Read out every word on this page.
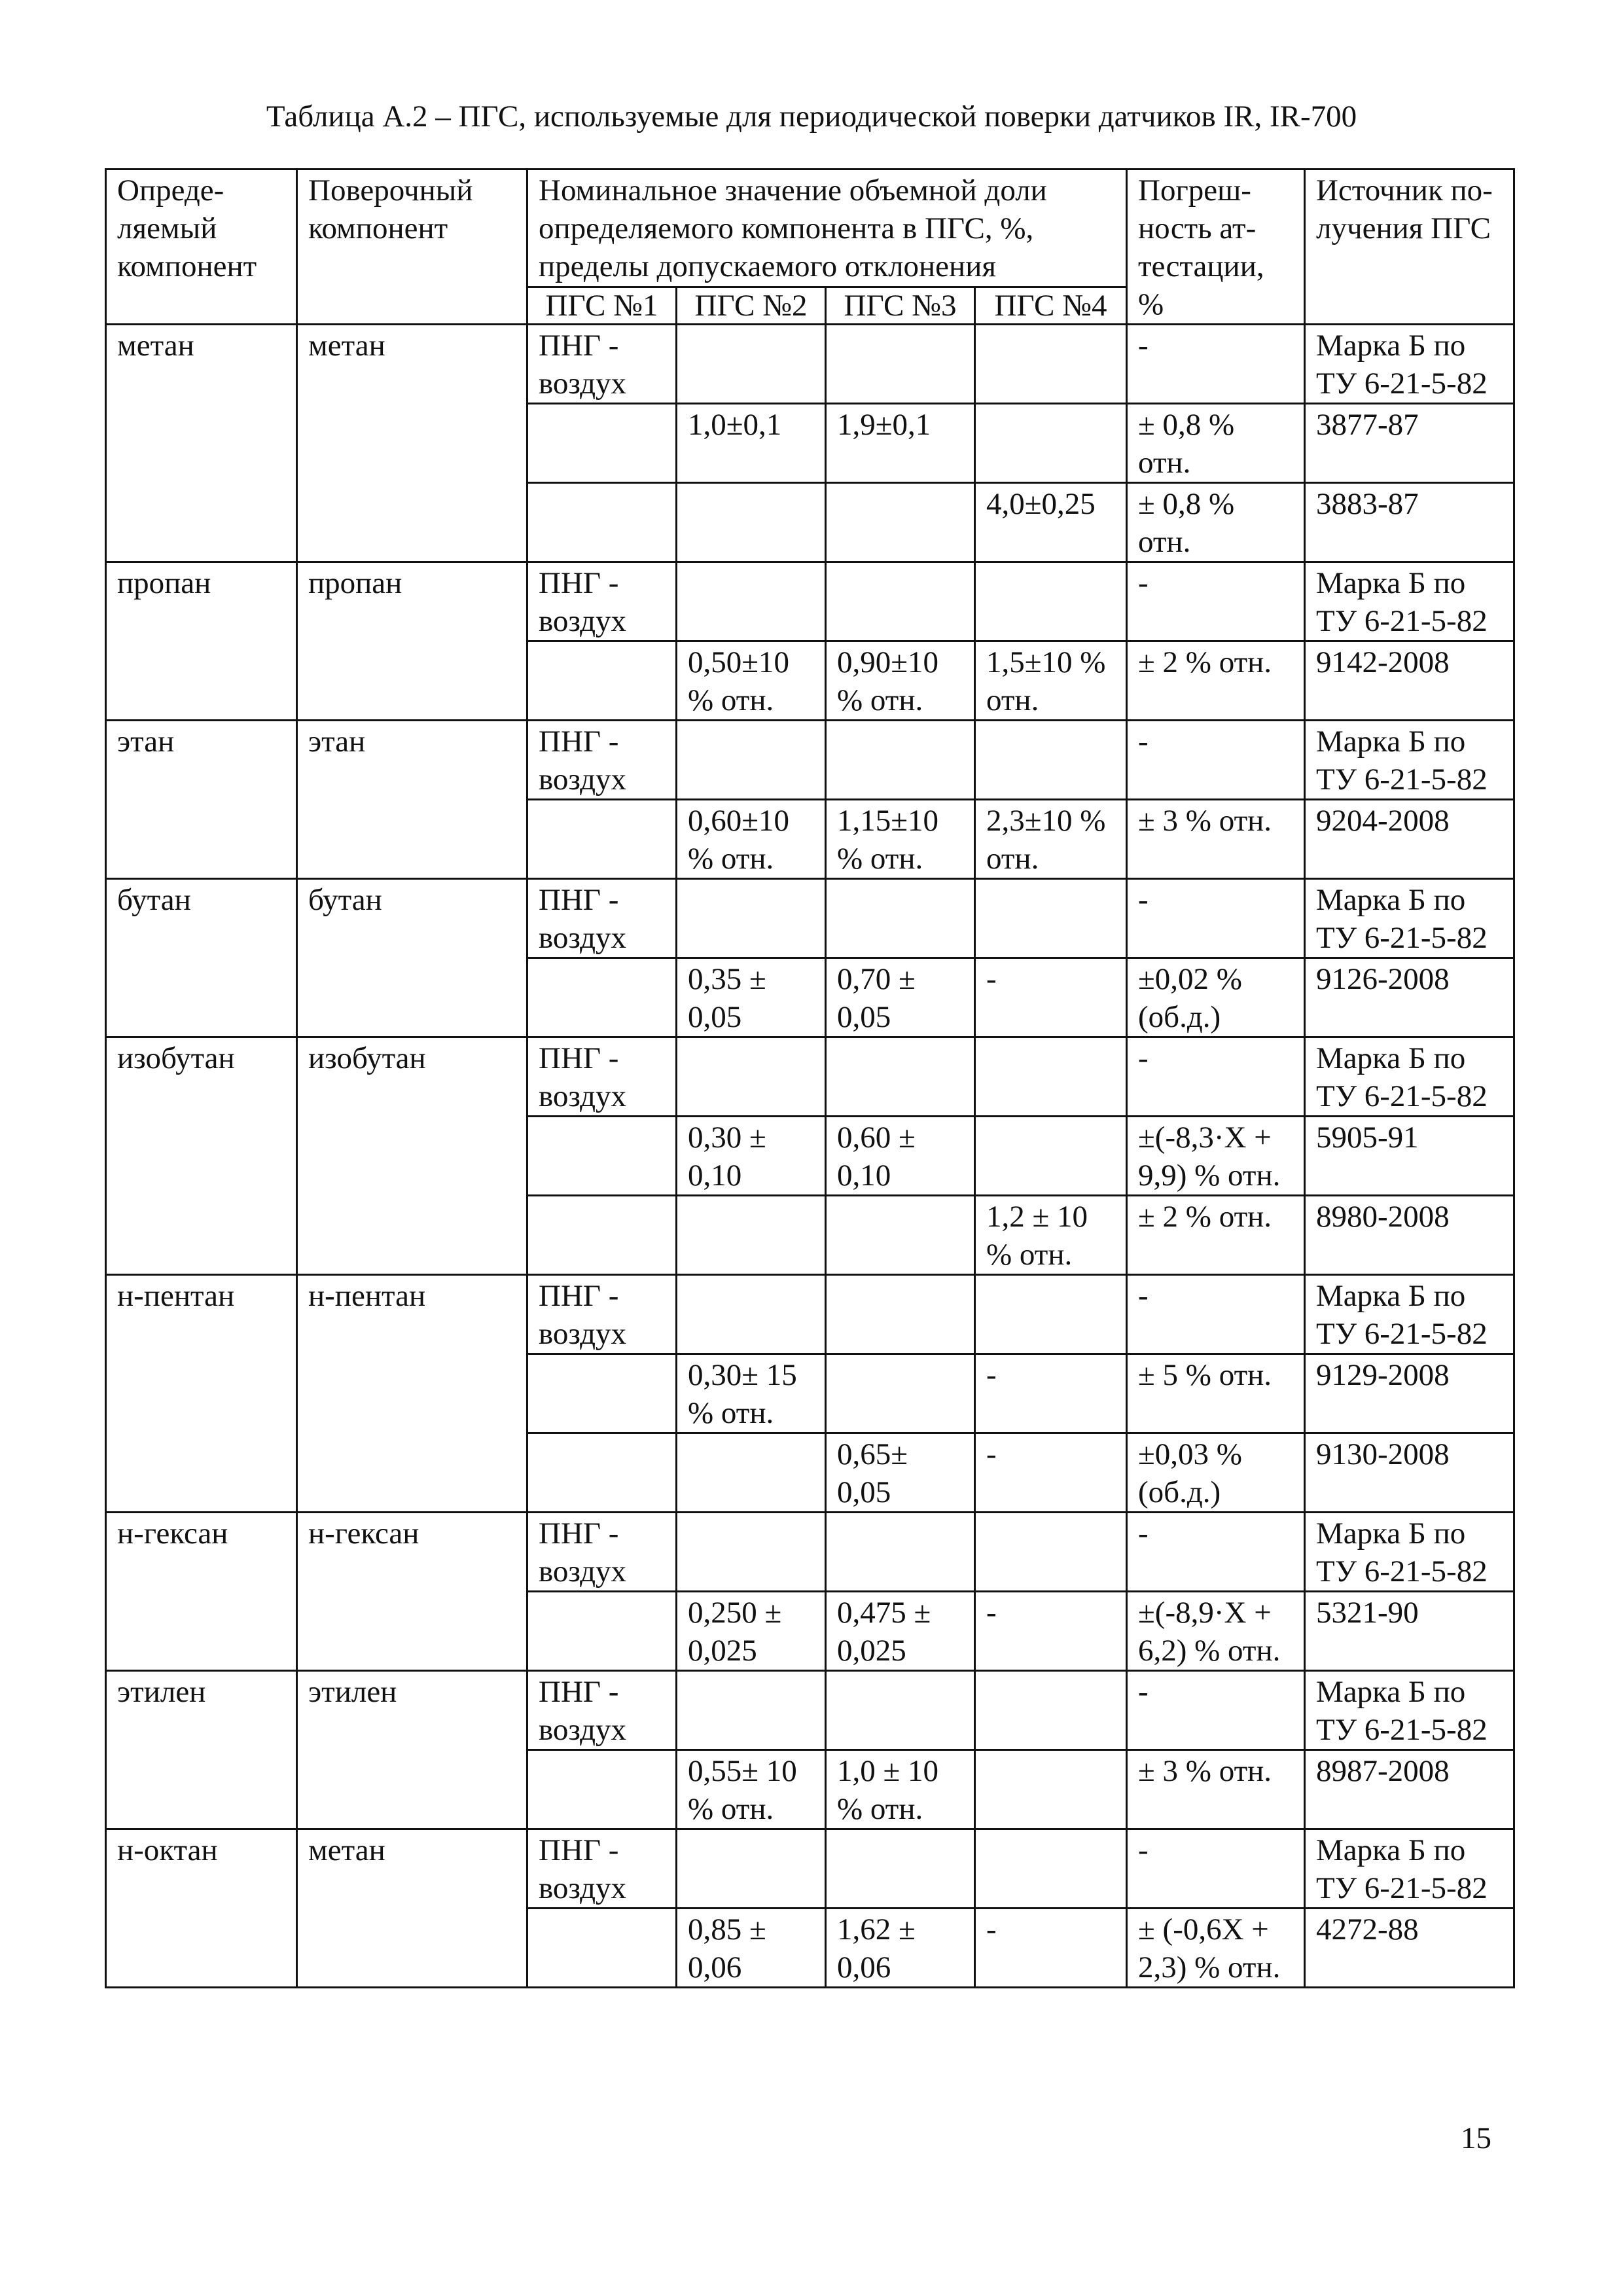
Таблица А.2 – ПГС, используемые для периодической поверки датчиков IR, IR-700
Опреде-ляемый компонент	Поверочный компонент	Номинальное значение объемной доли определяемого компонента в ПГС, %, пределы допускаемого отклонения				Погреш-ность ат-тестации, %	Источник по-лучения ПГС
		ПГС №1	ПГС №2	ПГС №3	ПГС №4		
метан	метан	ПНГ - воздух				-	Марка Б по ТУ 6-21-5-82
			1,0±0,1	1,9±0,1		± 0,8 % отн.	3877-87
					4,0±0,25	± 0,8 % отн.	3883-87
пропан	пропан	ПНГ - воздух				-	Марка Б по ТУ 6-21-5-82
			0,50±10 % отн.	0,90±10 % отн.	1,5±10 % отн.	± 2 % отн.	9142-2008
этан	этан	ПНГ - воздух				-	Марка Б по ТУ 6-21-5-82
			0,60±10 % отн.	1,15±10 % отн.	2,3±10 % отн.	± 3 % отн.	9204-2008
бутан	бутан	ПНГ - воздух				-	Марка Б по ТУ 6-21-5-82
			0,35 ± 0,05	0,70 ± 0,05	-	±0,02 % (об.д.)	9126-2008
изобутан	изобутан	ПНГ - воздух				-	Марка Б по ТУ 6-21-5-82
			0,30 ± 0,10	0,60 ± 0,10		±(-8,3·X + 9,9) % отн.	5905-91
					1,2 ± 10 % отн.	± 2 % отн.	8980-2008
н-пентан	н-пентан	ПНГ - воздух				-	Марка Б по ТУ 6-21-5-82
			0,30± 15 % отн.		-	± 5 % отн.	9129-2008
				0,65± 0,05	-	±0,03 % (об.д.)	9130-2008
н-гексан	н-гексан	ПНГ - воздух				-	Марка Б по ТУ 6-21-5-82
			0,250 ± 0,025	0,475 ± 0,025	-	±(-8,9·X + 6,2) % отн.	5321-90
этилен	этилен	ПНГ - воздух				-	Марка Б по ТУ 6-21-5-82
			0,55± 10 % отн.	1,0 ± 10 % отн.		± 3 % отн.	8987-2008
н-октан	метан	ПНГ - воздух				-	Марка Б по ТУ 6-21-5-82
			0,85 ± 0,06	1,62 ± 0,06	-	± (-0,6X + 2,3) % отн.	4272-88
15
